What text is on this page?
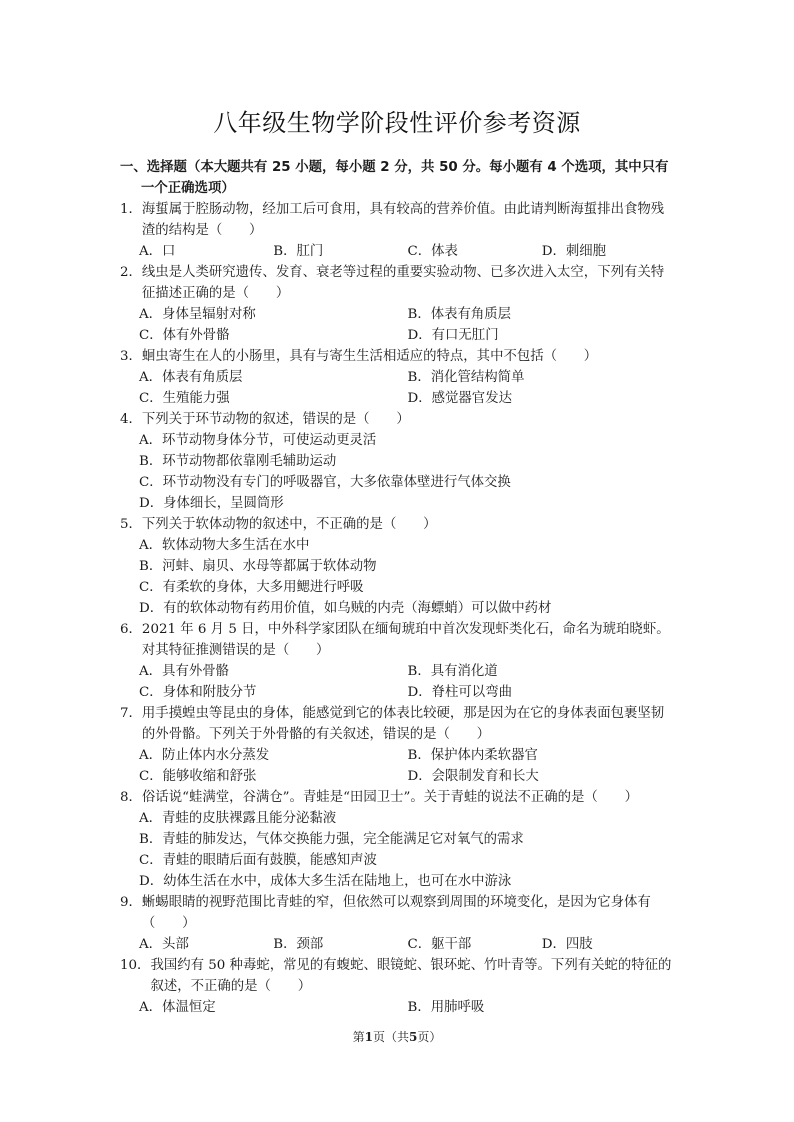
八年级生物学阶段性评价参考资源
一、选择题（本大题共有 25 小题，每小题 2 分，共 50 分。每小题有 4 个选项，其中只有一个正确选项）
1． 海蜇属于腔肠动物，经加工后可食用，具有较高的营养价值。由此请判断海蜇排出食物残渣的结构是（　　）
A．口	B．肛门	C．体表	D．刺细胞
2． 线虫是人类研究遗传、发育、衰老等过程的重要实验动物、已多次进入太空，下列有关特征描述正确的是（　　）
A．身体呈辐射对称	B．体表有角质层
C．体有外骨骼	D．有口无肛门
3． 蛔虫寄生在人的小肠里，具有与寄生生活相适应的特点，其中不包括（　　）
A．体表有角质层	B．消化管结构简单
C．生殖能力强	D．感觉器官发达
4． 下列关于环节动物的叙述，错误的是（　　）
A．环节动物身体分节，可使运动更灵活
B．环节动物都依靠刚毛辅助运动
C．环节动物没有专门的呼吸器官，大多依靠体壁进行气体交换
D．身体细长，呈圆筒形
5． 下列关于软体动物的叙述中，不正确的是（　　）
A．软体动物大多生活在水中
B．河蚌、扇贝、水母等都属于软体动物
C．有柔软的身体，大多用鳃进行呼吸
D．有的软体动物有药用价值，如乌贼的内壳（海螵蛸）可以做中药材
6． 2021 年 6 月 5 日，中外科学家团队在缅甸琥珀中首次发现虾类化石，命名为琥珀晓虾。对其特征推测错误的是（　　）
A．具有外骨骼	B．具有消化道
C．身体和附肢分节	D．脊柱可以弯曲
7． 用手摸蝗虫等昆虫的身体，能感觉到它的体表比较硬，那是因为在它的身体表面包裹坚韧的外骨骼。下列关于外骨骼的有关叙述，错误的是（　　）
A．防止体内水分蒸发	B．保护体内柔软器官
C．能够收缩和舒张	D．会限制发育和长大
8． 俗话说“蛙满堂，谷满仓”。青蛙是“田园卫士”。关于青蛙的说法不正确的是（　　）
A．青蛙的皮肤裸露且能分泌黏液
B．青蛙的肺发达，气体交换能力强，完全能满足它对氧气的需求
C．青蛙的眼睛后面有鼓膜，能感知声波
D．幼体生活在水中，成体大多生活在陆地上，也可在水中游泳
9． 蜥蜴眼睛的视野范围比青蛙的窄，但依然可以观察到周围的环境变化，是因为它身体有（　　）
A．头部	B．颈部	C．躯干部	D．四肢
10． 我国约有 50 种毒蛇，常见的有蝮蛇、眼镜蛇、银环蛇、竹叶青等。下列有关蛇的特征的叙述，不正确的是（　　）
A．体温恒定	B．用肺呼吸
第1页（共5页）
